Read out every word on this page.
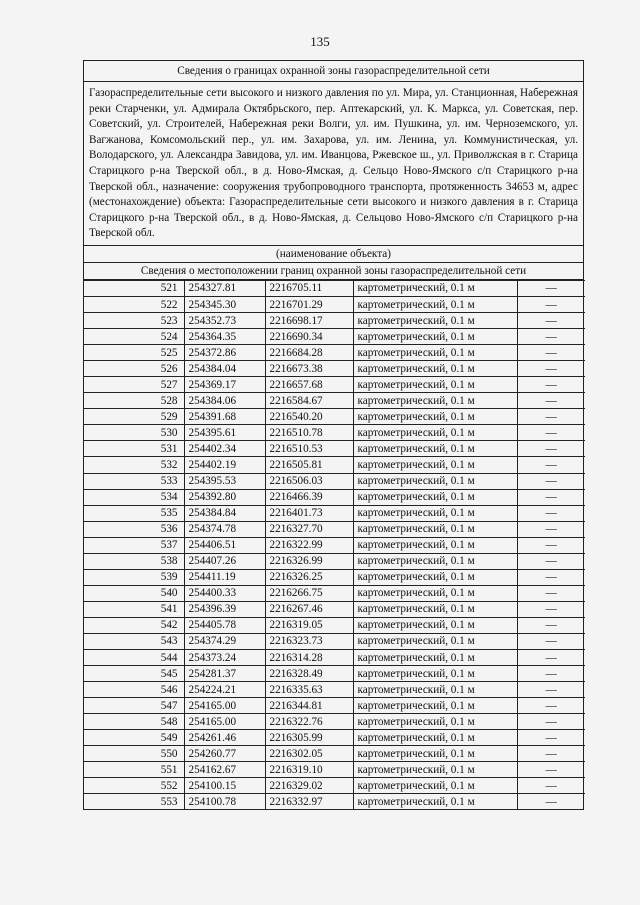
135
Сведения о границах охранной зоны газораспределительной сети
Газораспределительные сети высокого и низкого давления по ул. Мира, ул. Станционная, Набережная реки Старченки, ул. Адмирала Октябрьского, пер. Аптекарский, ул. К. Маркса, ул. Советская, пер. Советский, ул. Строителей, Набережная реки Волги, ул. им. Пушкина, ул. им. Черноземского, ул. Вагжанова, Комсомольский пер., ул. им. Захарова, ул. им. Ленина, ул. Коммунистическая, ул. Володарского, ул. Александра Завидова, ул. им. Иванцова, Ржевское ш., ул. Приволжская в г. Старица Старицкого р-на Тверской обл., в д. Ново-Ямская, д. Сельцо Ново-Ямского с/п Старицкого р-на Тверской обл., назначение: сооружения трубопроводного транспорта, протяженность 34653 м, адрес (местонахождение) объекта: Газораспределительные сети высокого и низкого давления в г. Старица Старицкого р-на Тверской обл., в д. Ново-Ямская, д. Сельцово Ново-Ямского с/п Старицкого р-на Тверской обл.
(наименование объекта)
Сведения о местоположении границ охранной зоны газораспределительной сети
521	254327.81	2216705.11	картометрический, 0.1 м	—
522	254345.30	2216701.29	картометрический, 0.1 м	—
523	254352.73	2216698.17	картометрический, 0.1 м	—
524	254364.35	2216690.34	картометрический, 0.1 м	—
525	254372.86	2216684.28	картометрический, 0.1 м	—
526	254384.04	2216673.38	картометрический, 0.1 м	—
527	254369.17	2216657.68	картометрический, 0.1 м	—
528	254384.06	2216584.67	картометрический, 0.1 м	—
529	254391.68	2216540.20	картометрический, 0.1 м	—
530	254395.61	2216510.78	картометрический, 0.1 м	—
531	254402.34	2216510.53	картометрический, 0.1 м	—
532	254402.19	2216505.81	картометрический, 0.1 м	—
533	254395.53	2216506.03	картометрический, 0.1 м	—
534	254392.80	2216466.39	картометрический, 0.1 м	—
535	254384.84	2216401.73	картометрический, 0.1 м	—
536	254374.78	2216327.70	картометрический, 0.1 м	—
537	254406.51	2216322.99	картометрический, 0.1 м	—
538	254407.26	2216326.99	картометрический, 0.1 м	—
539	254411.19	2216326.25	картометрический, 0.1 м	—
540	254400.33	2216266.75	картометрический, 0.1 м	—
541	254396.39	2216267.46	картометрический, 0.1 м	—
542	254405.78	2216319.05	картометрический, 0.1 м	—
543	254374.29	2216323.73	картометрический, 0.1 м	—
544	254373.24	2216314.28	картометрический, 0.1 м	—
545	254281.37	2216328.49	картометрический, 0.1 м	—
546	254224.21	2216335.63	картометрический, 0.1 м	—
547	254165.00	2216344.81	картометрический, 0.1 м	—
548	254165.00	2216322.76	картометрический, 0.1 м	—
549	254261.46	2216305.99	картометрический, 0.1 м	—
550	254260.77	2216302.05	картометрический, 0.1 м	—
551	254162.67	2216319.10	картометрический, 0.1 м	—
552	254100.15	2216329.02	картометрический, 0.1 м	—
553	254100.78	2216332.97	картометрический, 0.1 м	—
